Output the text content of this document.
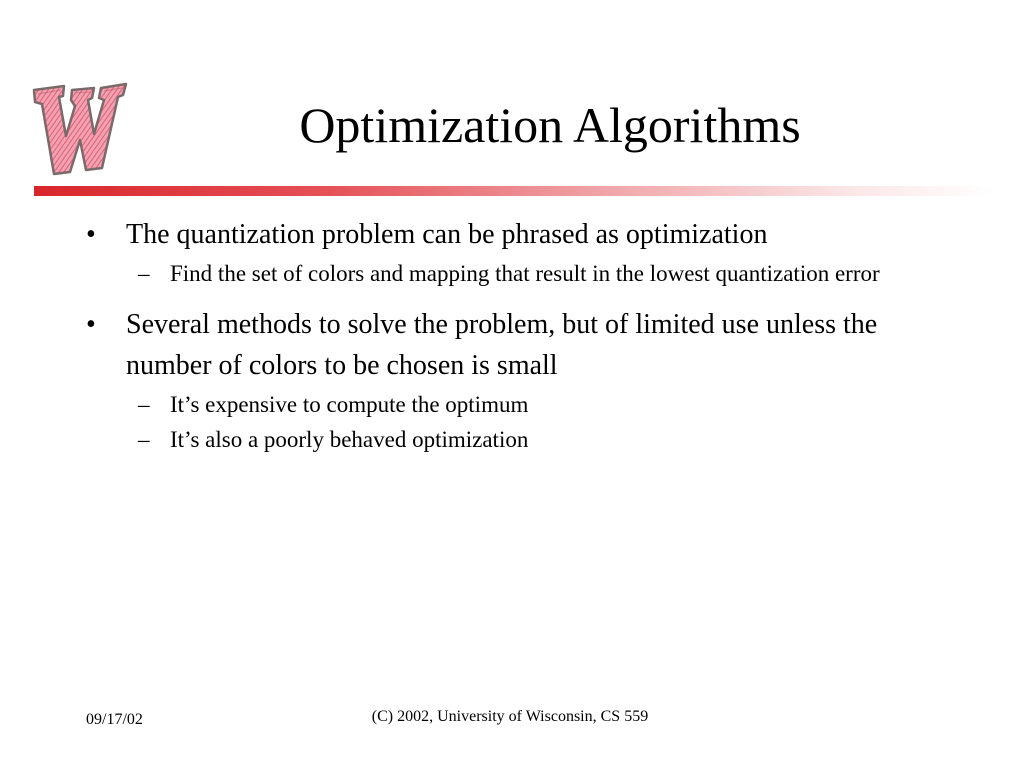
Optimization Algorithms
•	The quantization problem can be phrased as optimization
– Find the set of colors and mapping that result in the lowest quantization error
•	Several methods to solve the problem, but of limited use unless the number of colors to be chosen is small
– It’s expensive to compute the optimum
– It’s also a poorly behaved optimization
09/17/02	(C) 2002, University of Wisconsin, CS 559
